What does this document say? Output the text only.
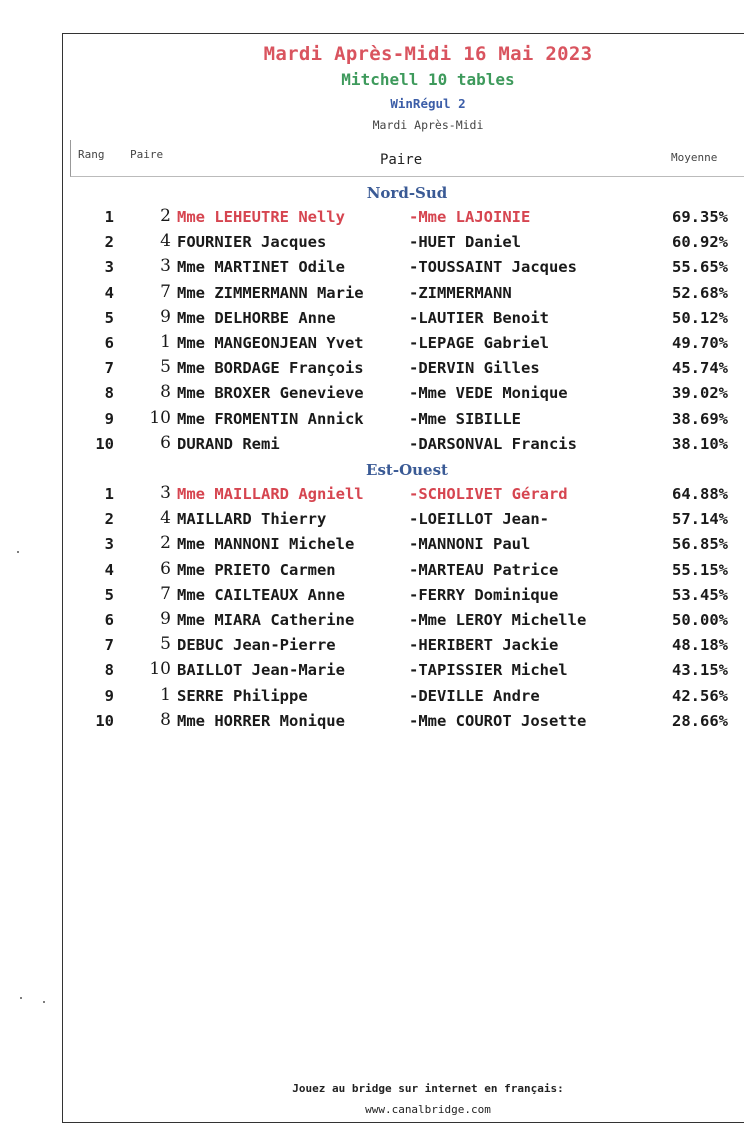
Mardi Après-Midi 16 Mai 2023
Mitchell 10 tables
WinRégul 2
Mardi Après-Midi
Rang Paire	Paire	Moyenne
Nord-Sud
1	2 Mme LEHEUTRE Nelly	-Mme LAJOINIE	69.35%
2	4 FOURNIER Jacques	-HUET Daniel	60.92%
3	3 Mme MARTINET Odile	-TOUSSAINT Jacques	55.65%
4	7 Mme ZIMMERMANN Marie	-ZIMMERMANN	52.68%
5	9 Mme DELHORBE Anne	-LAUTIER Benoit	50.12%
6	1 Mme MANGEONJEAN Yvet	-LEPAGE Gabriel	49.70%
7	5 Mme BORDAGE François	-DERVIN Gilles	45.74%
8	8 Mme BROXER Genevieve	-Mme VEDE Monique	39.02%
9	10 Mme FROMENTIN Annick	-Mme SIBILLE	38.69%
10	6 DURAND Remi	-DARSONVAL Francis	38.10%
Est-Ouest
1	3 Mme MAILLARD Agniell	-SCHOLIVET Gérard	64.88%
2	4 MAILLARD Thierry	-LOEILLOT Jean-	57.14%
3	2 Mme MANNONI Michele	-MANNONI Paul	56.85%
4	6 Mme PRIETO Carmen	-MARTEAU Patrice	55.15%
5	7 Mme CAILTEAUX Anne	-FERRY Dominique	53.45%
6	9 Mme MIARA Catherine	-Mme LEROY Michelle	50.00%
7	5 DEBUC Jean-Pierre	-HERIBERT Jackie	48.18%
8	10 BAILLOT Jean-Marie	-TAPISSIER Michel	43.15%
9	1 SERRE Philippe	-DEVILLE Andre	42.56%
10	8 Mme HORRER Monique	-Mme COUROT Josette	28.66%
Jouez au bridge sur internet en français:
www.canalbridge.com
